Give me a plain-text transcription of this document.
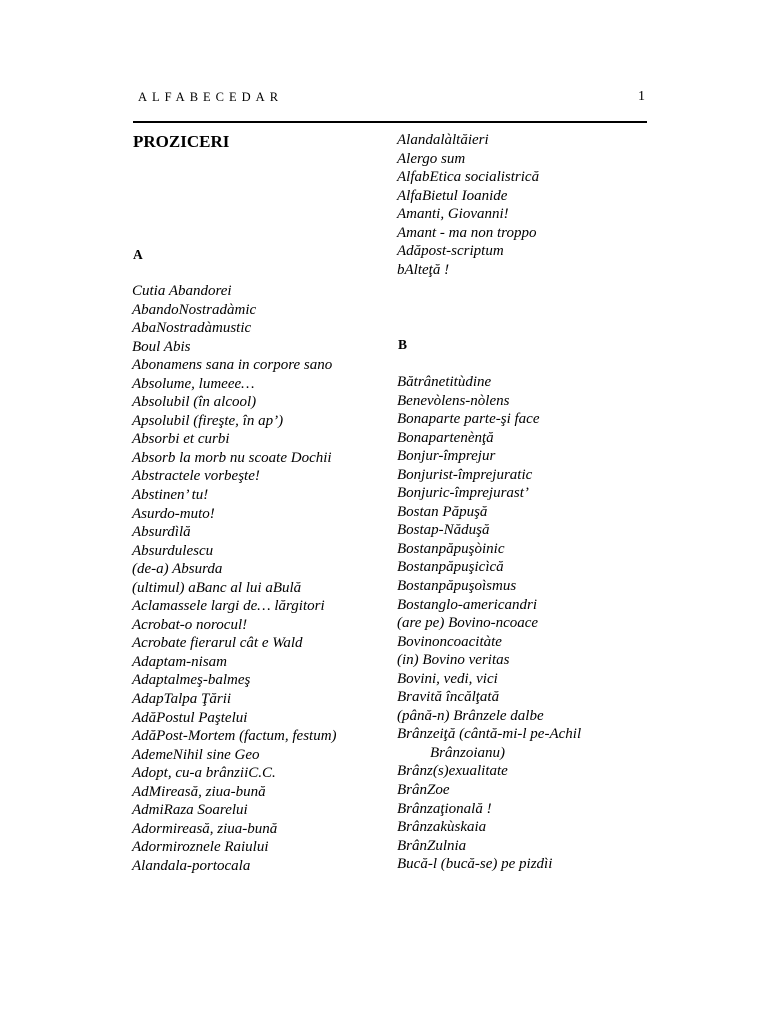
ALFABECEDAR	1
PROZICERI
A
Cutia Abandorei
AbandoNostradàmic
AbaNostradàmustic
Boul Abis
Abonamens sana in corpore sano
Absolume, lumeee…
Absolubil (în alcool)
Apsolubil (fireşte, în ap’)
Absorbi et curbi
Absorb la morb nu scoate Dochii
Abstractele vorbeşte!
Abstinen’ tu!
Asurdo-muto!
Absurdìlă
Absurdulescu
(de-a) Absurda
(ultimul) aBanc al lui aBulă
Aclamassele largi de… lărgitori
Acrobat-o norocul!
Acrobate fierarul cât e Wald
Adaptam-nisam
Adaptalmeş-balmeş
AdapTalpa Ţării
AdăPostul Paştelui
AdăPost-Mortem (factum, festum)
AdemeNihil sine Geo
Adopt, cu-a brânziiC.C.
AdMireasă, ziua-bună
AdmiRaza Soarelui
Adormireasă, ziua-bună
Adormiroznele Raiului
Alandala-portocala
Alandalàltăieri
Alergo sum
AlfabEtica socialistrică
AlfaBietul Ioanide
Amanti, Giovanni!
Amant - ma non troppo
Adăpost-scriptum
bAlteţă !
B
Bătrânetitùdine
Benevòlens-nòlens
Bonaparte parte-şi face
Bonapartenènţă
Bonjur-împrejur
Bonjurist-împrejuratic
Bonjuric-împrejurast’
Bostan Păpuşă
Bostap-Năduşă
Bostanpăpuşòinic
Bostanpăpuşicìcă
Bostanpăpuşoìsmus
Bostanglo-americandri
(are pe) Bovino-ncoace
Bovinoncoacitàte
(in) Bovino veritas
Bovini, vedi, vici
Bravită încălţată
(până-n) Brânzele dalbe
Brânzeiţă (cântă-mi-l pe-Achil
Brânzoianu)
Brânz(s)exualitate
BrânZoe
Brânzaţională !
Brânzakùskaia
BrânZulnia
Bucă-l (bucă-se) pe pizdìi
